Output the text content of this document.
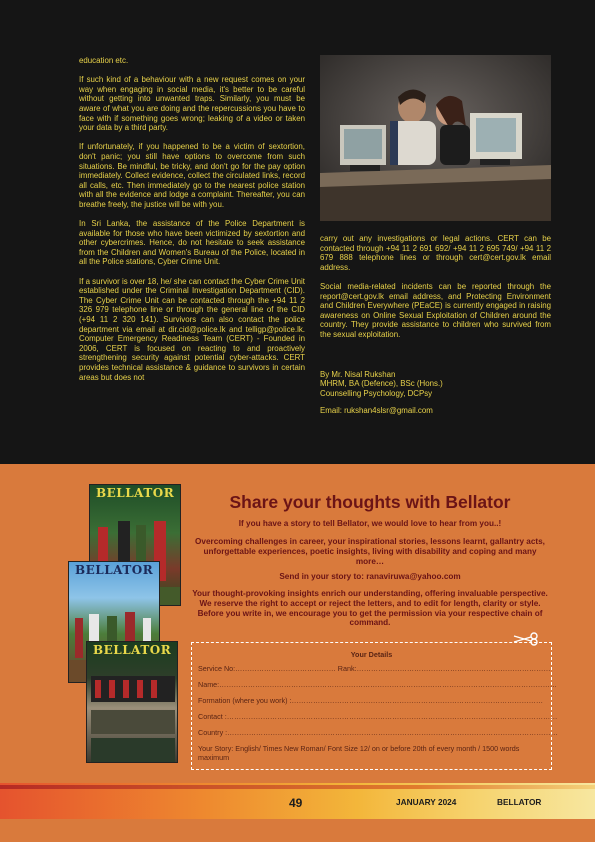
education etc.

If such kind of a behaviour with a new request comes on your way when engaging in social media, it's better to be careful without getting into unwanted traps. Similarly, you must be aware of what you are doing and the repercussions you have to face with if something goes wrong; leaking of a video or taken your data by a third party.

If unfortunately, if you happened to be a victim of sextortion, don't panic; you still have options to overcome from such situations. Be mindful, be tricky, and don't go for the pay option immediately. Collect evidence, collect the circulated links, record all calls, etc. Then immediately go to the nearest police station with all the evidence and lodge a complaint. Thereafter, you can breathe freely, the justice will be with you.

In Sri Lanka, the assistance of the Police Department is available for those who have been victimized by sextortion and other cybercrimes. Hence, do not hesitate to seek assistance from the Children and Women's Bureau of the Police, located in all the Police stations, Cyber Crime Unit.

If a survivor is over 18, he/ she can contact the Cyber Crime Unit established under the Criminal Investigation Department (CID). The Cyber Crime Unit can be contacted through the +94 11 2 326 979 telephone line or through the general line of the CID (+94 11 2 320 141). Survivors can also contact the police department via email at dir.cid@police.lk and telligp@police.lk. Computer Emergency Readiness Team (CERT) - Founded in 2006, CERT is focused on reacting to and proactively strengthening security against potential cyber-attacks. CERT provides technical assistance & guidance to survivors in certain areas but does not

carry out any investigations or legal actions. CERT can be contacted through +94 11 2 691 692/ +94 11 2 695 749/ +94 11 2 679 888 telephone lines or through cert@cert.gov.lk email address.

Social media-related incidents can be reported through the report@cert.gov.lk email address, and Protecting Environment and Children Everywhere (PEaCE) is currently engaged in raising awareness on Online Sexual Exploitation of Children around the country. They provide assistance to children who survived from the sexual exploitation.

By Mr. Nisal Rukshan

MHRM, BA (Defence), BSc (Hons.)

Counselling Psychology, DCPsy

Email: rukshan4slsr@gmail.com

BELLATOR
BELLATOR
BELLATOR
Share your thoughts with Bellator
If you have a story to tell Bellator, we would love to hear from you..!
Overcoming challenges in career, your inspirational stories, lessons learnt, gallantry acts, unforgettable experiences, poetic insights, living with disability and coping and many more…
Send in your story to: ranaviruwa@yahoo.com
Your thought-provoking insights enrich our understanding, offering invaluable perspective. We reserve the right to accept or reject the letters, and to edit for length, clarity or style. Before you write in, we encourage you to get the permission via your respective chain of command.
Your Details
Service No:…………………………………… Rank:………………………………………………………………………
Name:……………………………………………………………………………………………………………………………
Formation (where you work) :……………………………………………………………………………………………
Contact :…………………………………………………………………………………………………………………………
Country :…………………………………………………………………………………………………………………………
Your Story: English/ Times New Roman/ Font Size 12/ on or before 20th of every month / 1500 words maximum
49	JANUARY 2024	BELLATOR
